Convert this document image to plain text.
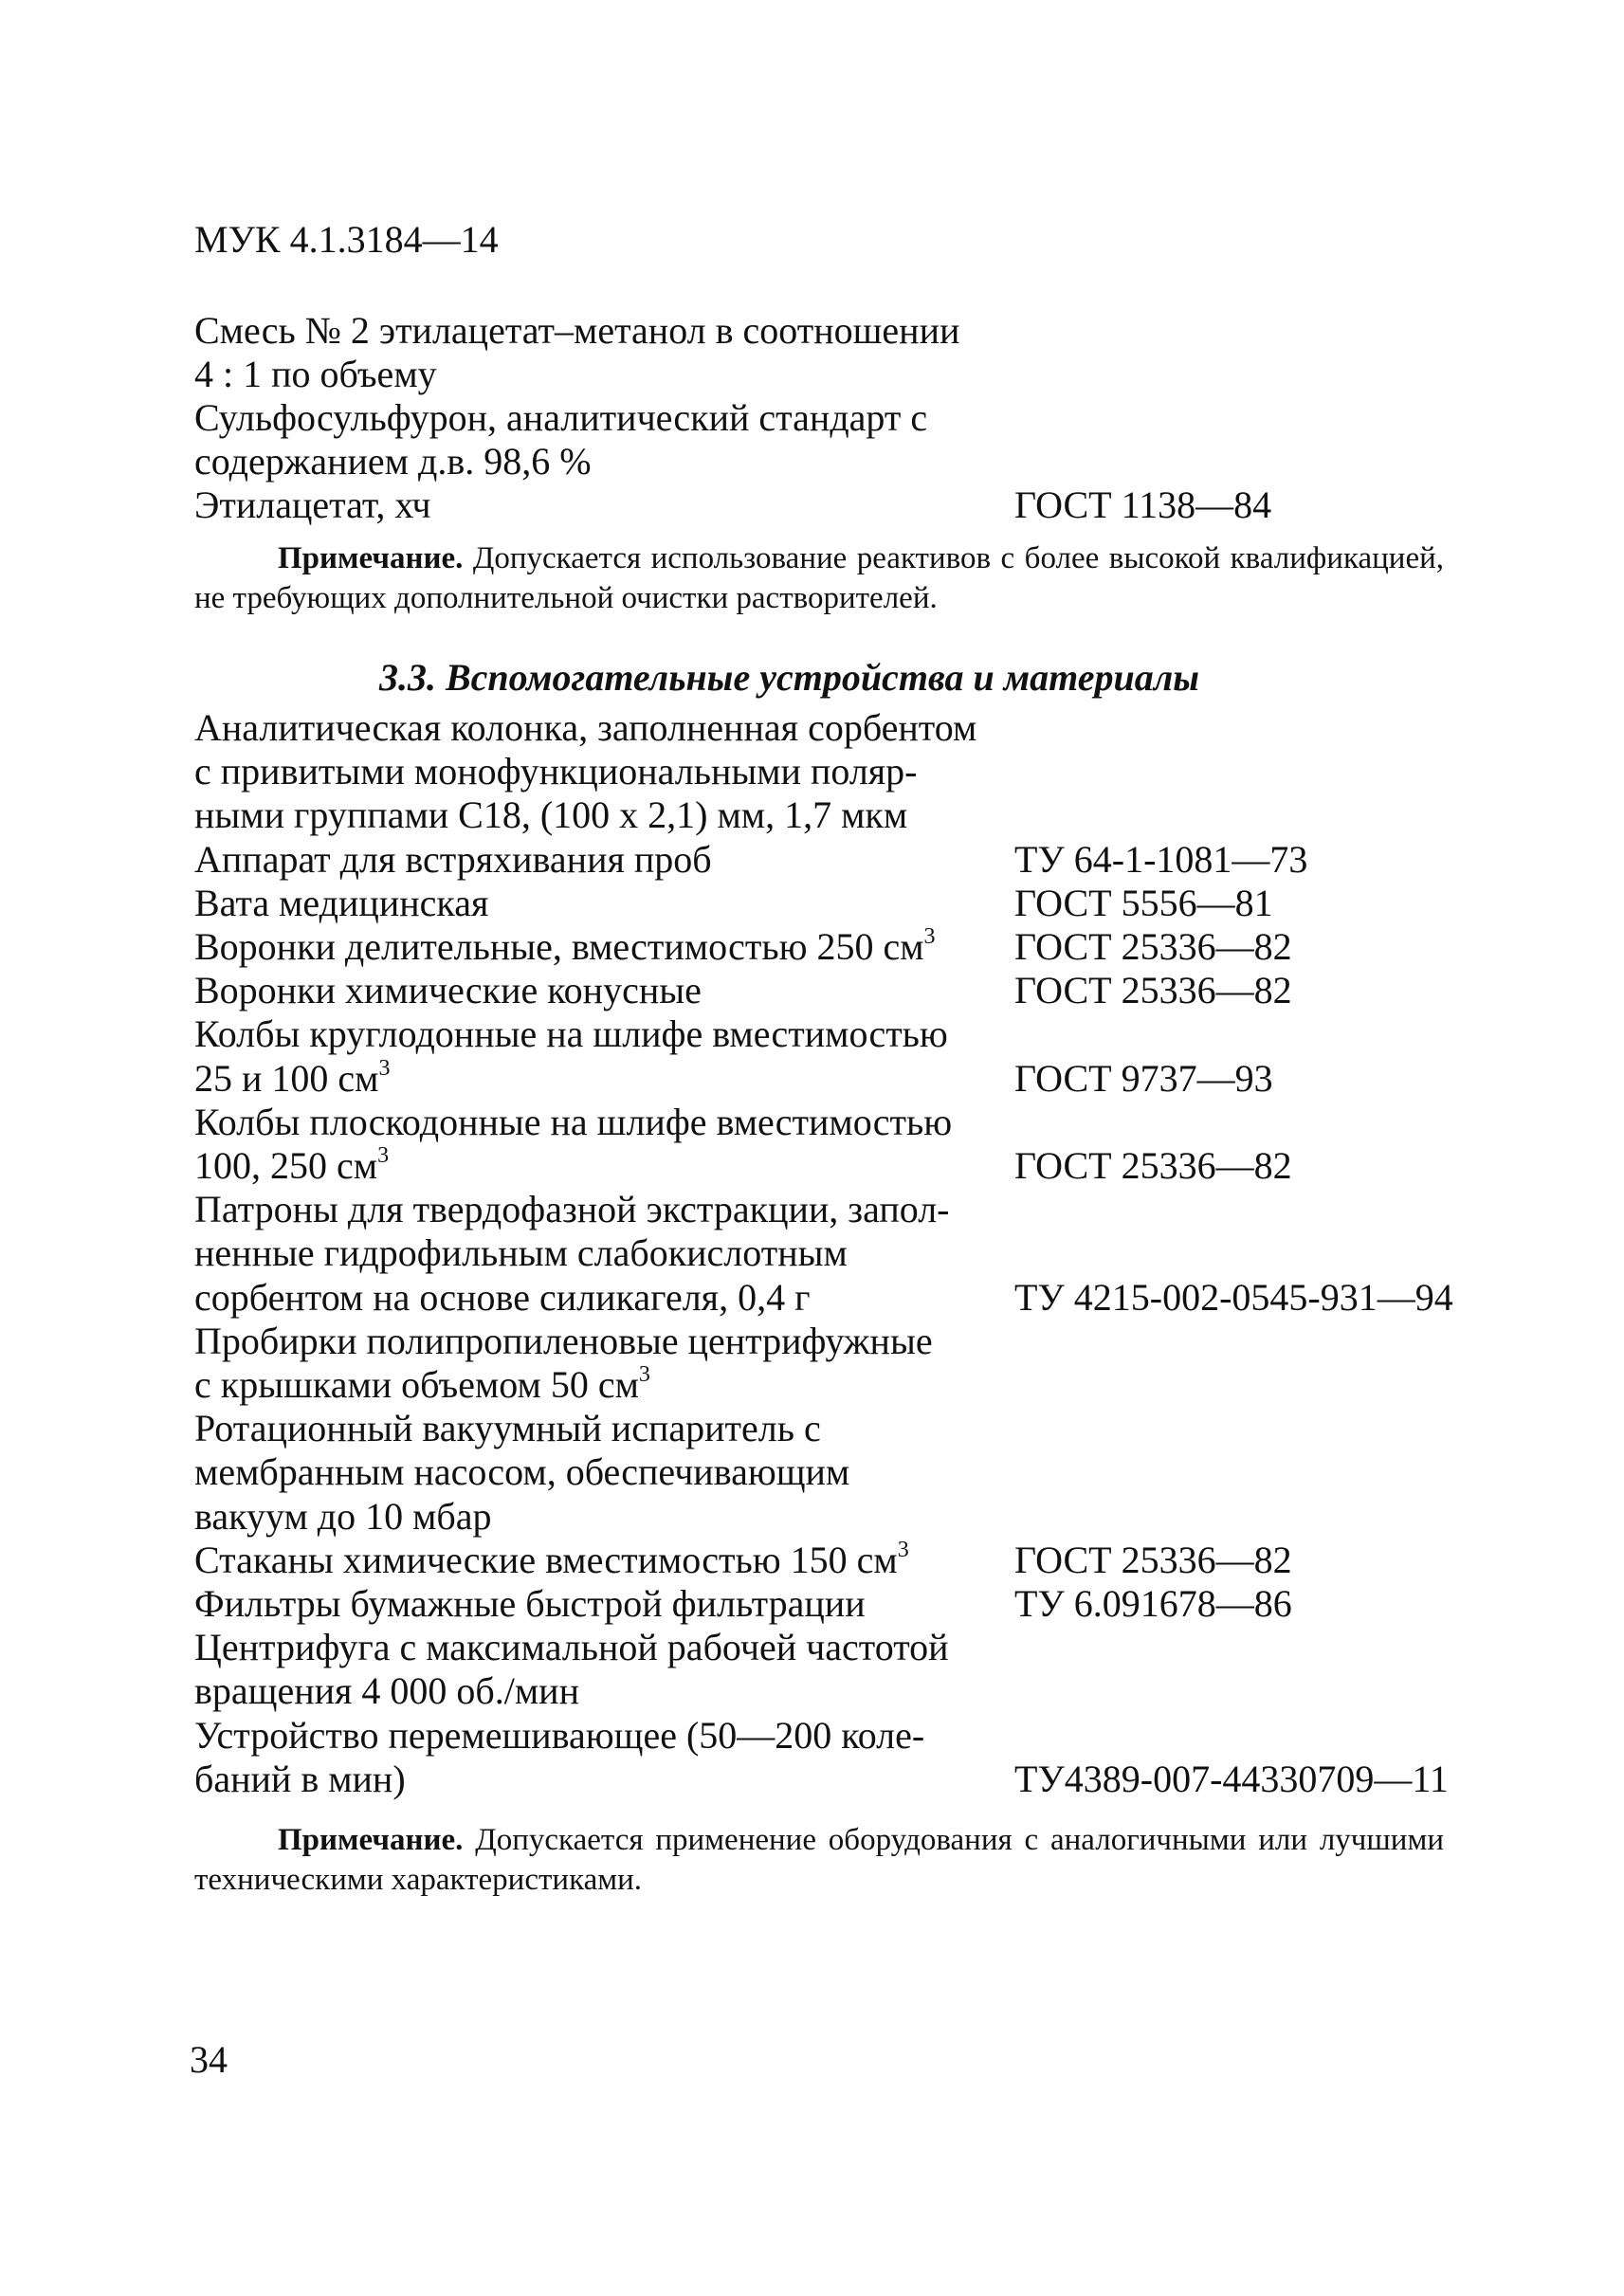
МУК 4.1.3184—14
Смесь № 2 этилацетат–метанол в соотношении
4 : 1 по объему
Сульфосульфурон, аналитический стандарт с
содержанием д.в. 98,6 %
Этилацетат, хч	ГОСТ 1138—84

Примечание. Допускается использование реактивов с более высокой квалификацией, не требующих дополнительной очистки растворителей.

3.3. Вспомогательные устройства и материалы
Аналитическая колонка, заполненная сорбентом
с привитыми монофункциональными поляр-
ными группами С18, (100 х 2,1) мм, 1,7 мкм
Аппарат для встряхивания проб	ТУ 64-1-1081—73
Вата медицинская	ГОСТ 5556—81
Воронки делительные, вместимостью 250 $см^3$	ГОСТ 25336—82
Воронки химические конусные	ГОСТ 25336—82
Колбы круглодонные на шлифе вместимостью
25 и 100 $см^3$	ГОСТ 9737—93
Колбы плоскодонные на шлифе вместимостью
100, 250 $см^3$	ГОСТ 25336—82
Патроны для твердофазной экстракции, запол-
ненные гидрофильным слабокислотным
сорбентом на основе силикагеля, 0,4 г	ТУ 4215-002-0545-931—94
Пробирки полипропиленовые центрифужные
с крышками объемом 50 $см^3$
Ротационный вакуумный испаритель с
мембранным насосом, обеспечивающим
вакуум до 10 мбар
Стаканы химические вместимостью 150 $см^3$	ГОСТ 25336—82
Фильтры бумажные быстрой фильтрации	ТУ 6.091678—86
Центрифуга с максимальной рабочей частотой
вращения 4 000 об./мин
Устройство перемешивающее (50—200 коле-
баний в мин)	ТУ4389-007-44330709—11

Примечание. Допускается применение оборудования с аналогичными или лучшими техническими характеристиками.

34
